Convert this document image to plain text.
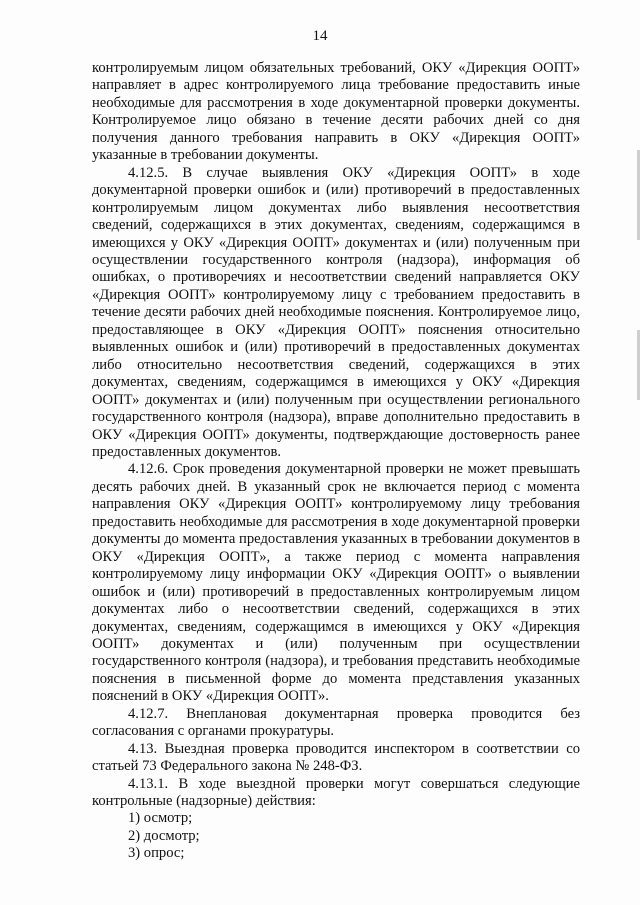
14

контролируемым лицом обязательных требований, ОКУ «Дирекция ООПТ» направляет в адрес контролируемого лица требование предоставить иные необходимые для рассмотрения в ходе документарной проверки документы. Контролируемое лицо обязано в течение десяти рабочих дней со дня получения данного требования направить в ОКУ «Дирекция ООПТ» указанные в требовании документы.

4.12.5. В случае выявления ОКУ «Дирекция ООПТ» в ходе документарной проверки ошибок и (или) противоречий в предоставленных контролируемым лицом документах либо выявления несоответствия сведений, содержащихся в этих документах, сведениям, содержащимся в имеющихся у ОКУ «Дирекция ООПТ» документах и (или) полученным при осуществлении государственного контроля (надзора), информация об ошибках, о противоречиях и несоответствии сведений направляется ОКУ «Дирекция ООПТ» контролируемому лицу с требованием предоставить в течение десяти рабочих дней необходимые пояснения. Контролируемое лицо, предоставляющее в ОКУ «Дирекция ООПТ» пояснения относительно выявленных ошибок и (или) противоречий в предоставленных документах либо относительно несоответствия сведений, содержащихся в этих документах, сведениям, содержащимся в имеющихся у ОКУ «Дирекция ООПТ» документах и (или) полученным при осуществлении регионального государственного контроля (надзора), вправе дополнительно предоставить в ОКУ «Дирекция ООПТ» документы, подтверждающие достоверность ранее предоставленных документов.

4.12.6. Срок проведения документарной проверки не может превышать десять рабочих дней. В указанный срок не включается период с момента направления ОКУ «Дирекция ООПТ» контролируемому лицу требования предоставить необходимые для рассмотрения в ходе документарной проверки документы до момента предоставления указанных в требовании документов в ОКУ «Дирекция ООПТ», а также период с момента направления контролируемому лицу информации ОКУ «Дирекция ООПТ» о выявлении ошибок и (или) противоречий в предоставленных контролируемым лицом документах либо о несоответствии сведений, содержащихся в этих документах, сведениям, содержащимся в имеющихся у ОКУ «Дирекция ООПТ» документах и (или) полученным при осуществлении государственного контроля (надзора), и требования представить необходимые пояснения в письменной форме до момента представления указанных пояснений в ОКУ «Дирекция ООПТ».

4.12.7. Внеплановая документарная проверка проводится без согласования с органами прокуратуры.

4.13. Выездная проверка проводится инспектором в соответствии со статьей 73 Федерального закона № 248-ФЗ.

4.13.1. В ходе выездной проверки могут совершаться следующие контрольные (надзорные) действия:

1) осмотр;

2) досмотр;

3) опрос;
